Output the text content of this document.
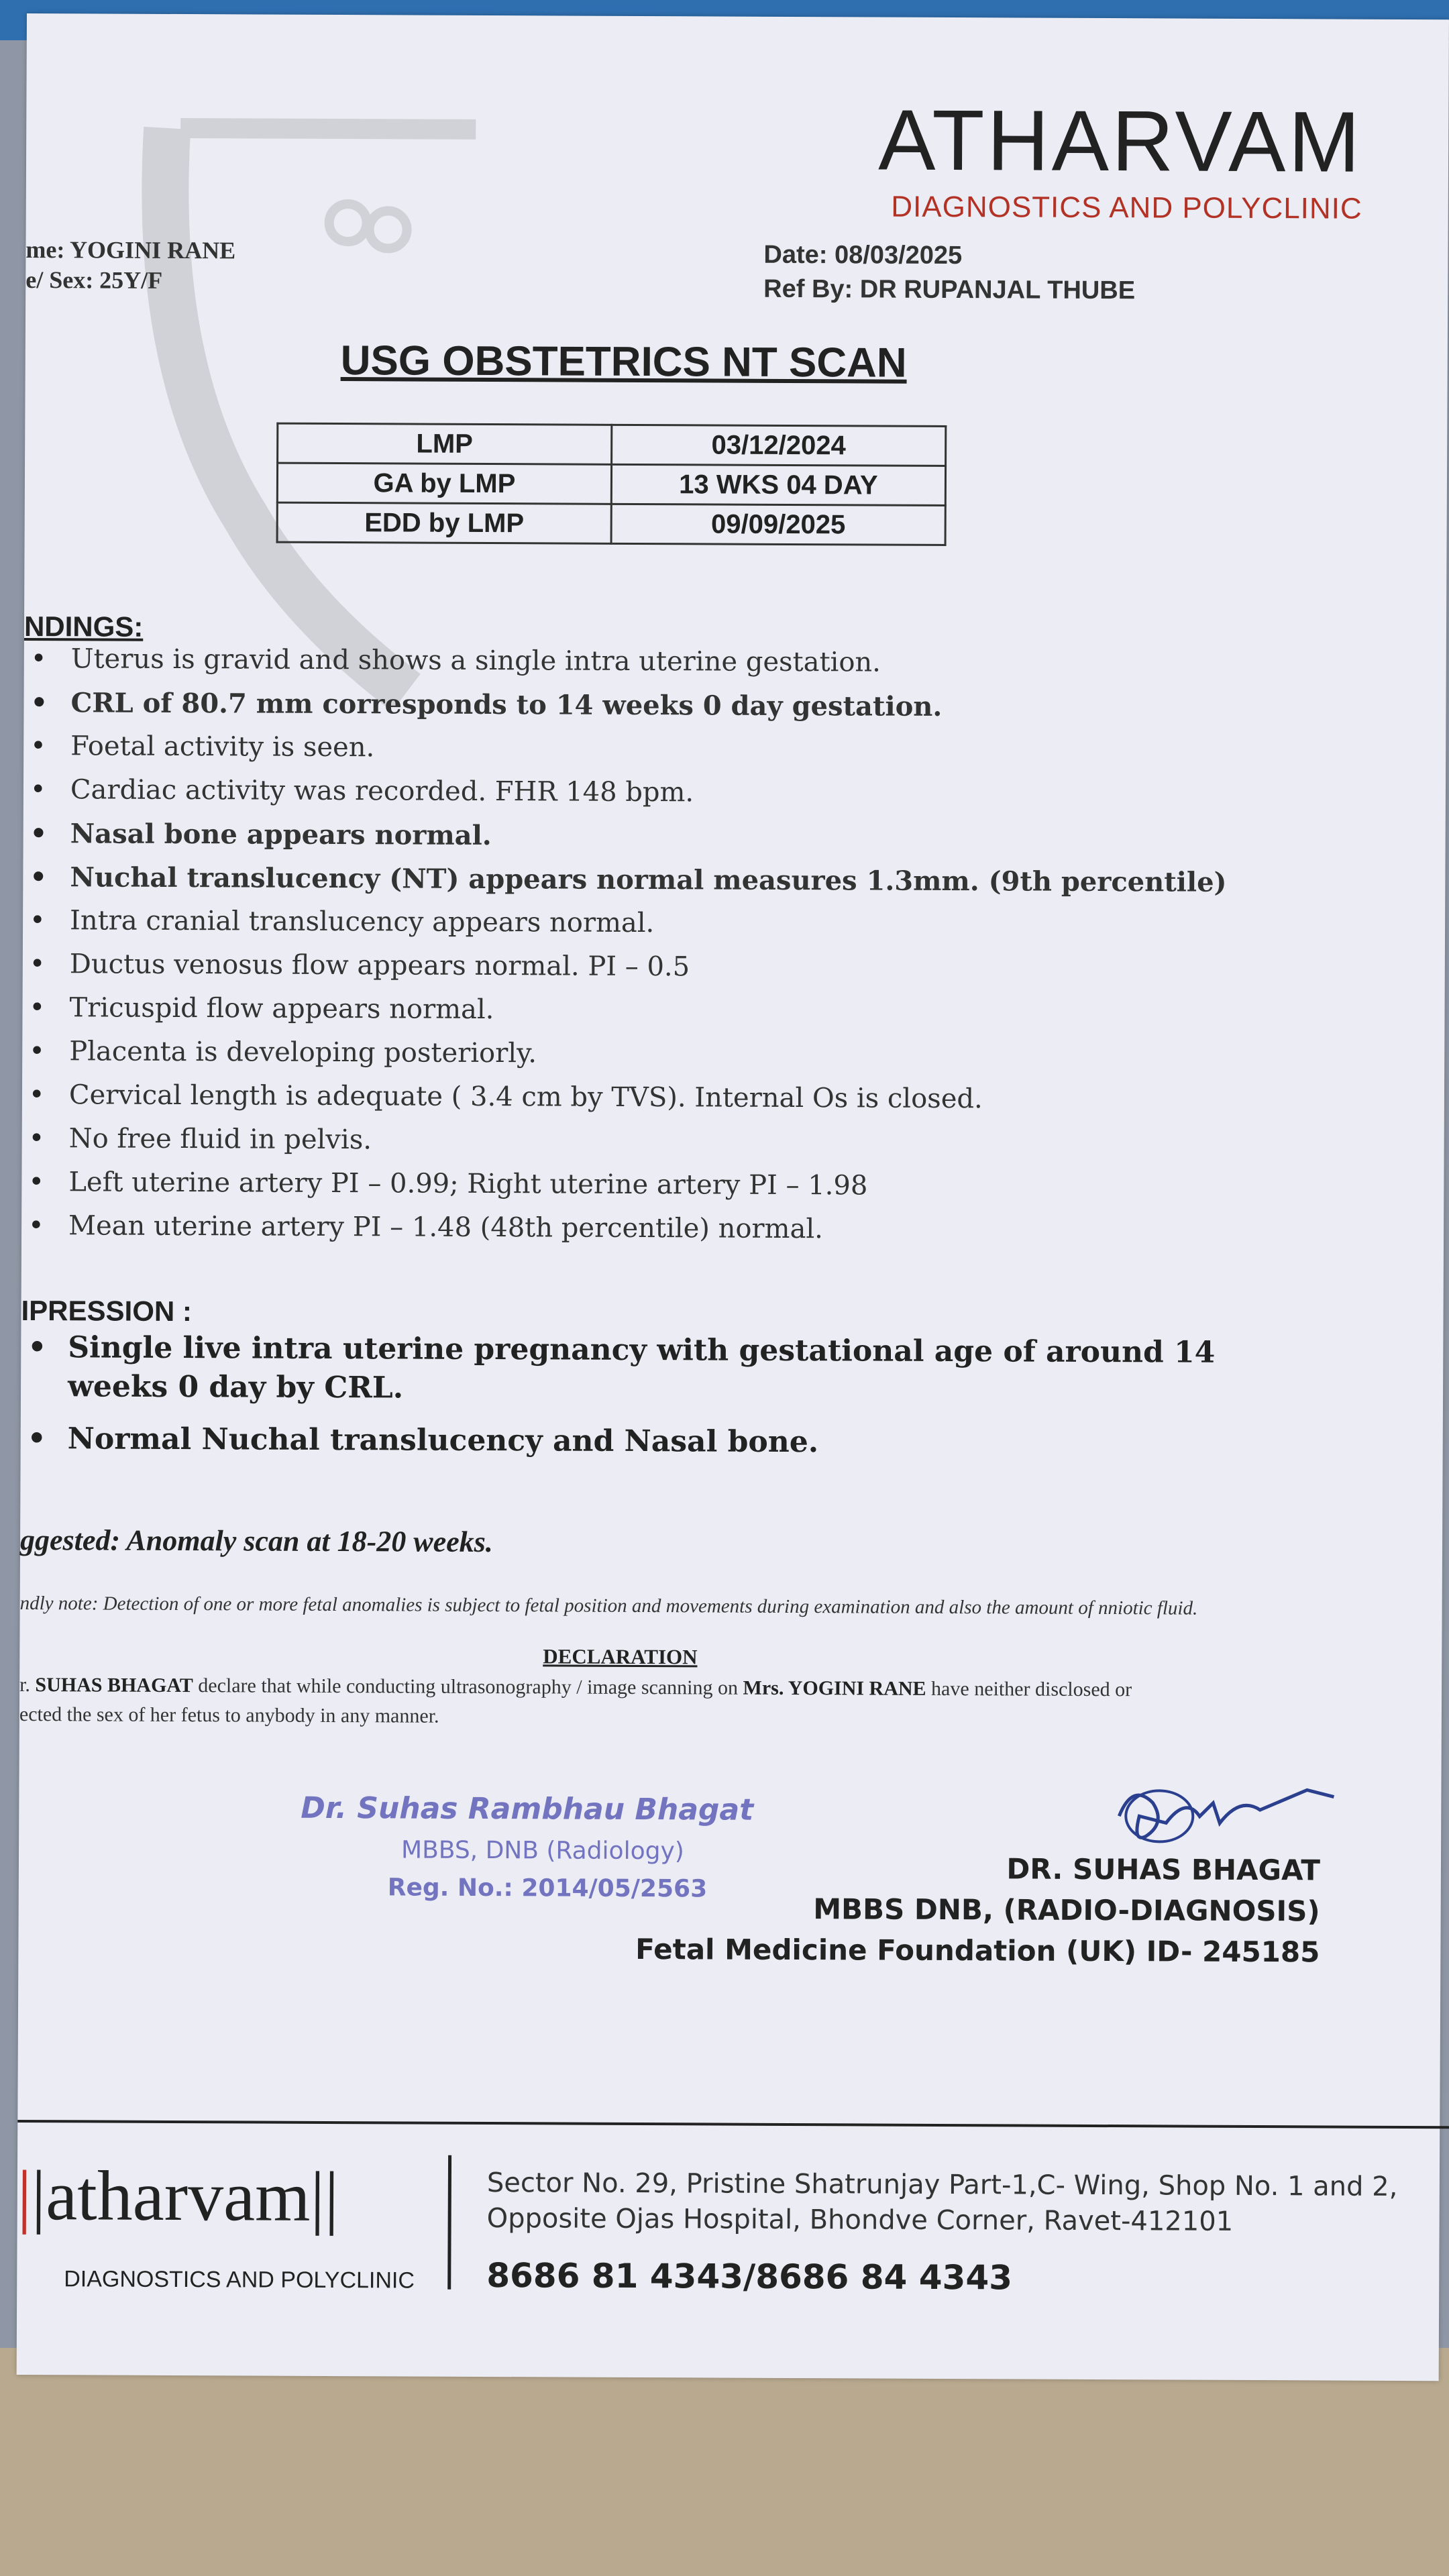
ATHARVAM
DIAGNOSTICS AND POLYCLINIC
me: YOGINI RANE
e/ Sex: 25Y/F
Date: 08/03/2025
Ref By: DR RUPANJAL THUBE
USG OBSTETRICS NT SCAN
LMP	03/12/2024
GA by LMP	13 WKS 04 DAY
EDD by LMP	09/09/2025
NDINGS:
• Uterus is gravid and shows a single intra uterine gestation.
• CRL of 80.7 mm corresponds to 14 weeks 0 day gestation.
• Foetal activity is seen.
• Cardiac activity was recorded. FHR 148 bpm.
• Nasal bone appears normal.
• Nuchal translucency (NT) appears normal measures 1.3mm. (9th percentile)
• Intra cranial translucency appears normal.
• Ductus venosus flow appears normal. PI – 0.5
• Tricuspid flow appears normal.
• Placenta is developing posteriorly.
• Cervical length is adequate ( 3.4 cm by TVS). Internal Os is closed.
• No free fluid in pelvis.
• Left uterine artery PI – 0.99; Right uterine artery PI – 1.98
• Mean uterine artery PI – 1.48 (48th percentile) normal.
IPRESSION :
• Single live intra uterine pregnancy with gestational age of around 14 weeks 0 day by CRL.
• Normal Nuchal translucency and Nasal bone.
ggested: Anomaly scan at 18-20 weeks.
ndly note: Detection of one or more fetal anomalies is subject to fetal position and movements during examination and also the amount of nniotic fluid.
DECLARATION
r. SUHAS BHAGAT declare that while conducting ultrasonography / image scanning on Mrs. YOGINI RANE have neither disclosed or
ected the sex of her fetus to anybody in any manner.
Dr. Suhas Rambhau Bhagat
MBBS, DNB (Radiology)
Reg. No.: 2014/05/2563
DR. SUHAS BHAGAT
MBBS DNB, (RADIO-DIAGNOSIS)
Fetal Medicine Foundation (UK) ID- 245185
||atharvam||
DIAGNOSTICS AND POLYCLINIC
Sector No. 29, Pristine Shatrunjay Part-1,C- Wing, Shop No. 1 and 2,
Opposite Ojas Hospital, Bhondve Corner, Ravet-412101
8686 81 4343/8686 84 4343
